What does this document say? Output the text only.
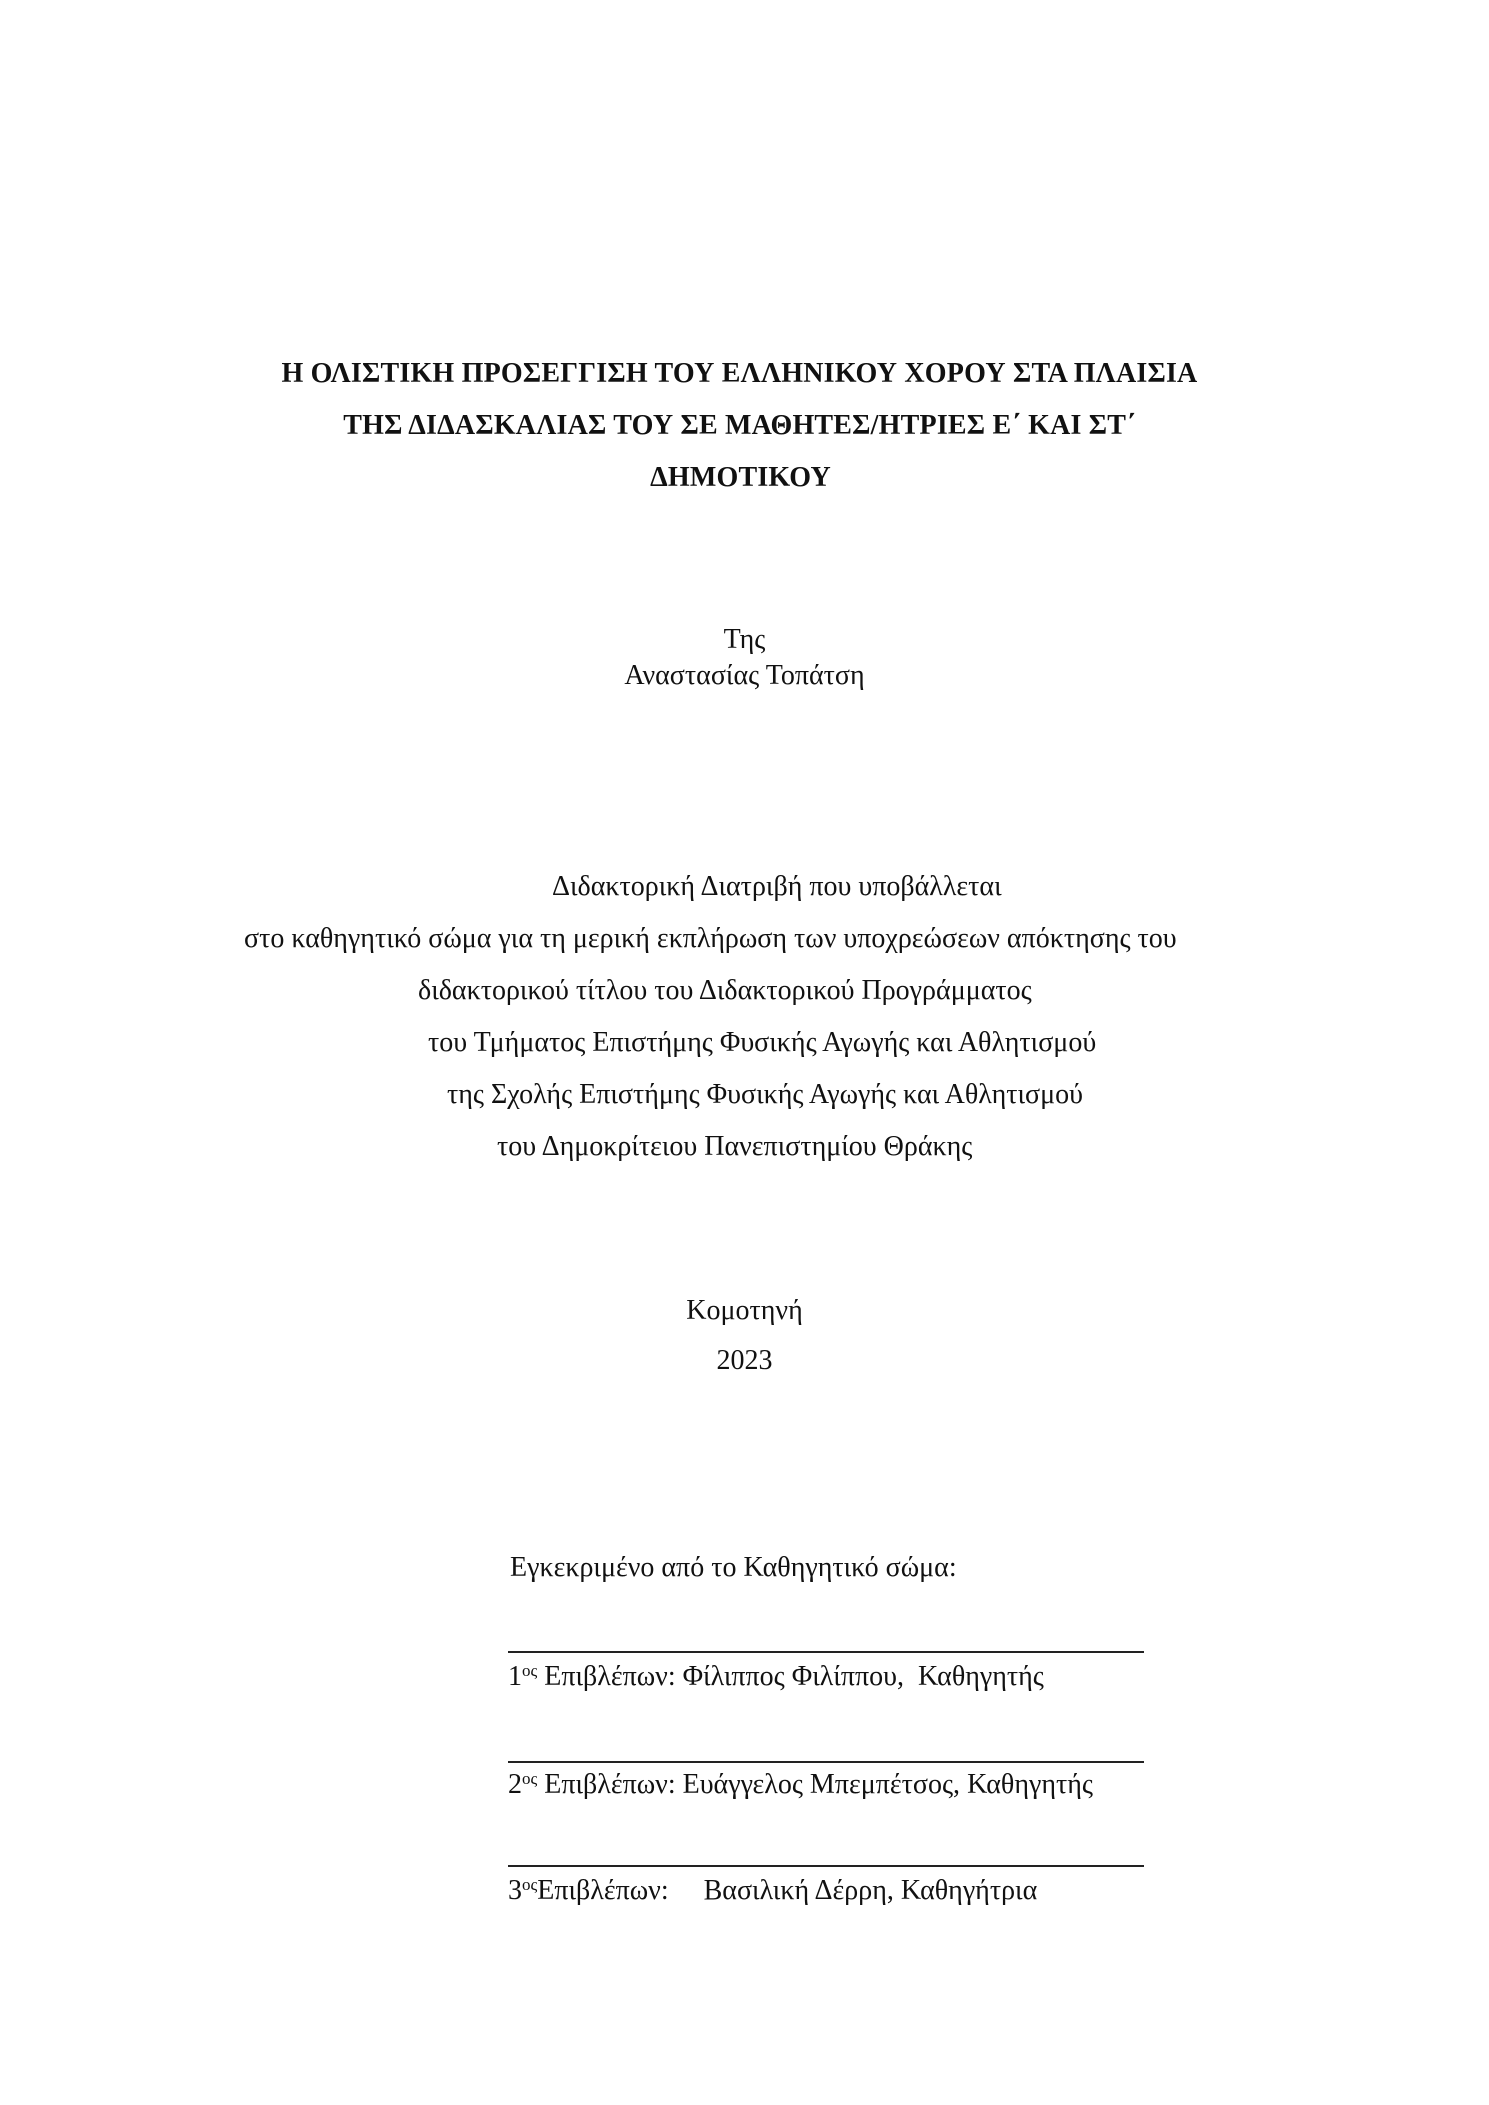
Η ΟΛΙΣΤΙΚΗ ΠΡΟΣΕΓΓΙΣΗ ΤΟΥ ΕΛΛΗΝΙΚΟΥ ΧΟΡΟΥ ΣΤΑ ΠΛΑΙΣΙΑ
ΤΗΣ ΔΙΔΑΣΚΑΛΙΑΣ ΤΟΥ ΣΕ ΜΑΘΗΤΕΣ/ΗΤΡΙΕΣ Ε΄ ΚΑΙ ΣΤ΄
ΔΗΜΟΤΙΚΟΥ
Της
Αναστασίας Τοπάτση
Διδακτορική Διατριβή που υποβάλλεται
στο καθηγητικό σώμα για τη μερική εκπλήρωση των υποχρεώσεων απόκτησης του
διδακτορικού τίτλου του Διδακτορικού Προγράμματος
του Τμήματος Επιστήμης Φυσικής Αγωγής και Αθλητισμού
της Σχολής Επιστήμης Φυσικής Αγωγής και Αθλητισμού
του Δημοκρίτειου Πανεπιστημίου Θράκης
Κομοτηνή
2023
Εγκεκριμένο από το Καθηγητικό σώμα:
$1^{o\varsigma}$ Επιβλέπων: Φίλιππος Φιλίππου, Καθηγητής
$2^{o\varsigma}$ Επιβλέπων: Ευάγγελος Μπεμπέτσος, Καθηγητής
$3^{o\varsigma}E\pi\iota\beta\lambda έ\pi\omega\nu$: Βασιλική Δέρρη, Καθηγήτρια
